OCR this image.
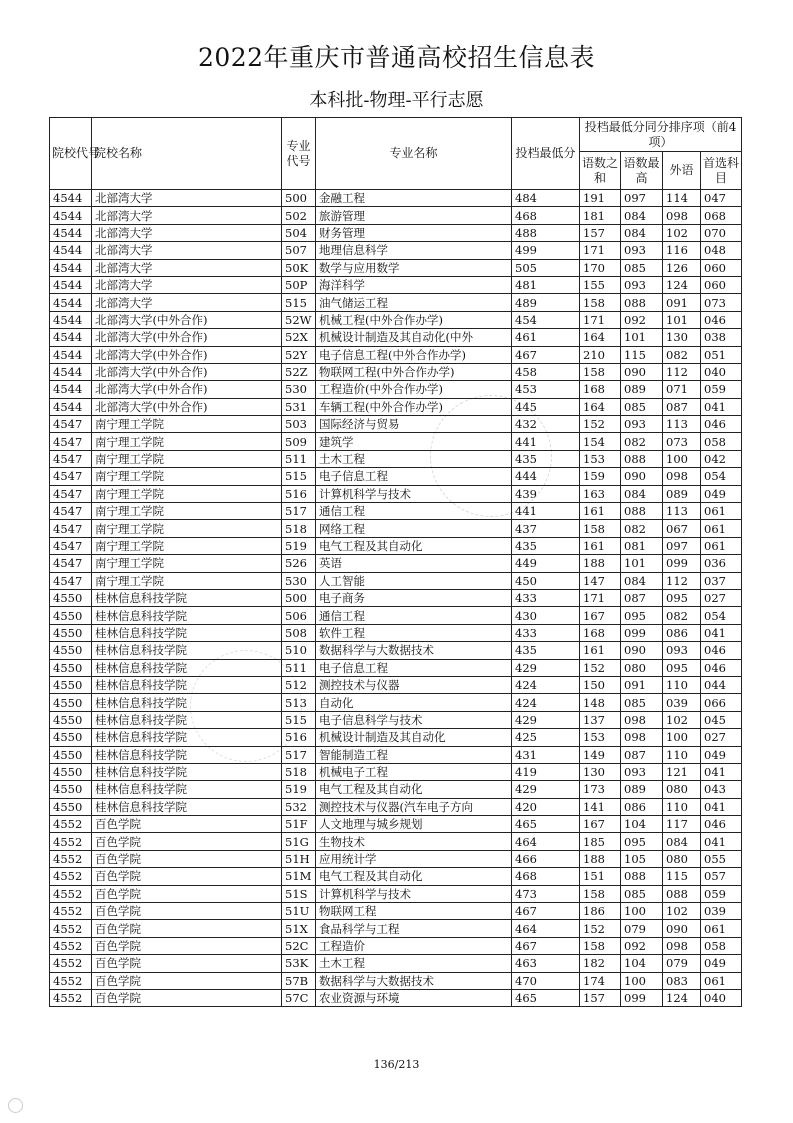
2022年重庆市普通高校招生信息表
本科批-物理-平行志愿
院校代号	院校名称	专业代号	专业名称	投档最低分	投档最低分同分排序项（前4项）			
					语数之和	语数最高	外语	首选科目
4544	北部湾大学	500	金融工程	484	191	097	114	047
4544	北部湾大学	502	旅游管理	468	181	084	098	068
4544	北部湾大学	504	财务管理	488	157	084	102	070
4544	北部湾大学	507	地理信息科学	499	171	093	116	048
4544	北部湾大学	50K	数学与应用数学	505	170	085	126	060
4544	北部湾大学	50P	海洋科学	481	155	093	124	060
4544	北部湾大学	515	油气储运工程	489	158	088	091	073
4544	北部湾大学(中外合作)	52W	机械工程(中外合作办学)	454	171	092	101	046
4544	北部湾大学(中外合作)	52X	机械设计制造及其自动化(中外	461	164	101	130	038
4544	北部湾大学(中外合作)	52Y	电子信息工程(中外合作办学)	467	210	115	082	051
4544	北部湾大学(中外合作)	52Z	物联网工程(中外合作办学)	458	158	090	112	040
4544	北部湾大学(中外合作)	530	工程造价(中外合作办学)	453	168	089	071	059
4544	北部湾大学(中外合作)	531	车辆工程(中外合作办学)	445	164	085	087	041
4547	南宁理工学院	503	国际经济与贸易	432	152	093	113	046
4547	南宁理工学院	509	建筑学	441	154	082	073	058
4547	南宁理工学院	511	土木工程	435	153	088	100	042
4547	南宁理工学院	515	电子信息工程	444	159	090	098	054
4547	南宁理工学院	516	计算机科学与技术	439	163	084	089	049
4547	南宁理工学院	517	通信工程	441	161	088	113	061
4547	南宁理工学院	518	网络工程	437	158	082	067	061
4547	南宁理工学院	519	电气工程及其自动化	435	161	081	097	061
4547	南宁理工学院	526	英语	449	188	101	099	036
4547	南宁理工学院	530	人工智能	450	147	084	112	037
4550	桂林信息科技学院	500	电子商务	433	171	087	095	027
4550	桂林信息科技学院	506	通信工程	430	167	095	082	054
4550	桂林信息科技学院	508	软件工程	433	168	099	086	041
4550	桂林信息科技学院	510	数据科学与大数据技术	435	161	090	093	046
4550	桂林信息科技学院	511	电子信息工程	429	152	080	095	046
4550	桂林信息科技学院	512	测控技术与仪器	424	150	091	110	044
4550	桂林信息科技学院	513	自动化	424	148	085	039	066
4550	桂林信息科技学院	515	电子信息科学与技术	429	137	098	102	045
4550	桂林信息科技学院	516	机械设计制造及其自动化	425	153	098	100	027
4550	桂林信息科技学院	517	智能制造工程	431	149	087	110	049
4550	桂林信息科技学院	518	机械电子工程	419	130	093	121	041
4550	桂林信息科技学院	519	电气工程及其自动化	429	173	089	080	043
4550	桂林信息科技学院	532	测控技术与仪器(汽车电子方向	420	141	086	110	041
4552	百色学院	51F	人文地理与城乡规划	465	167	104	117	046
4552	百色学院	51G	生物技术	464	185	095	084	041
4552	百色学院	51H	应用统计学	466	188	105	080	055
4552	百色学院	51M	电气工程及其自动化	468	151	088	115	057
4552	百色学院	51S	计算机科学与技术	473	158	085	088	059
4552	百色学院	51U	物联网工程	467	186	100	102	039
4552	百色学院	51X	食品科学与工程	464	152	079	090	061
4552	百色学院	52C	工程造价	467	158	092	098	058
4552	百色学院	53K	土木工程	463	182	104	079	049
4552	百色学院	57B	数据科学与大数据技术	470	174	100	083	061
4552	百色学院	57C	农业资源与环境	465	157	099	124	040
136/213
